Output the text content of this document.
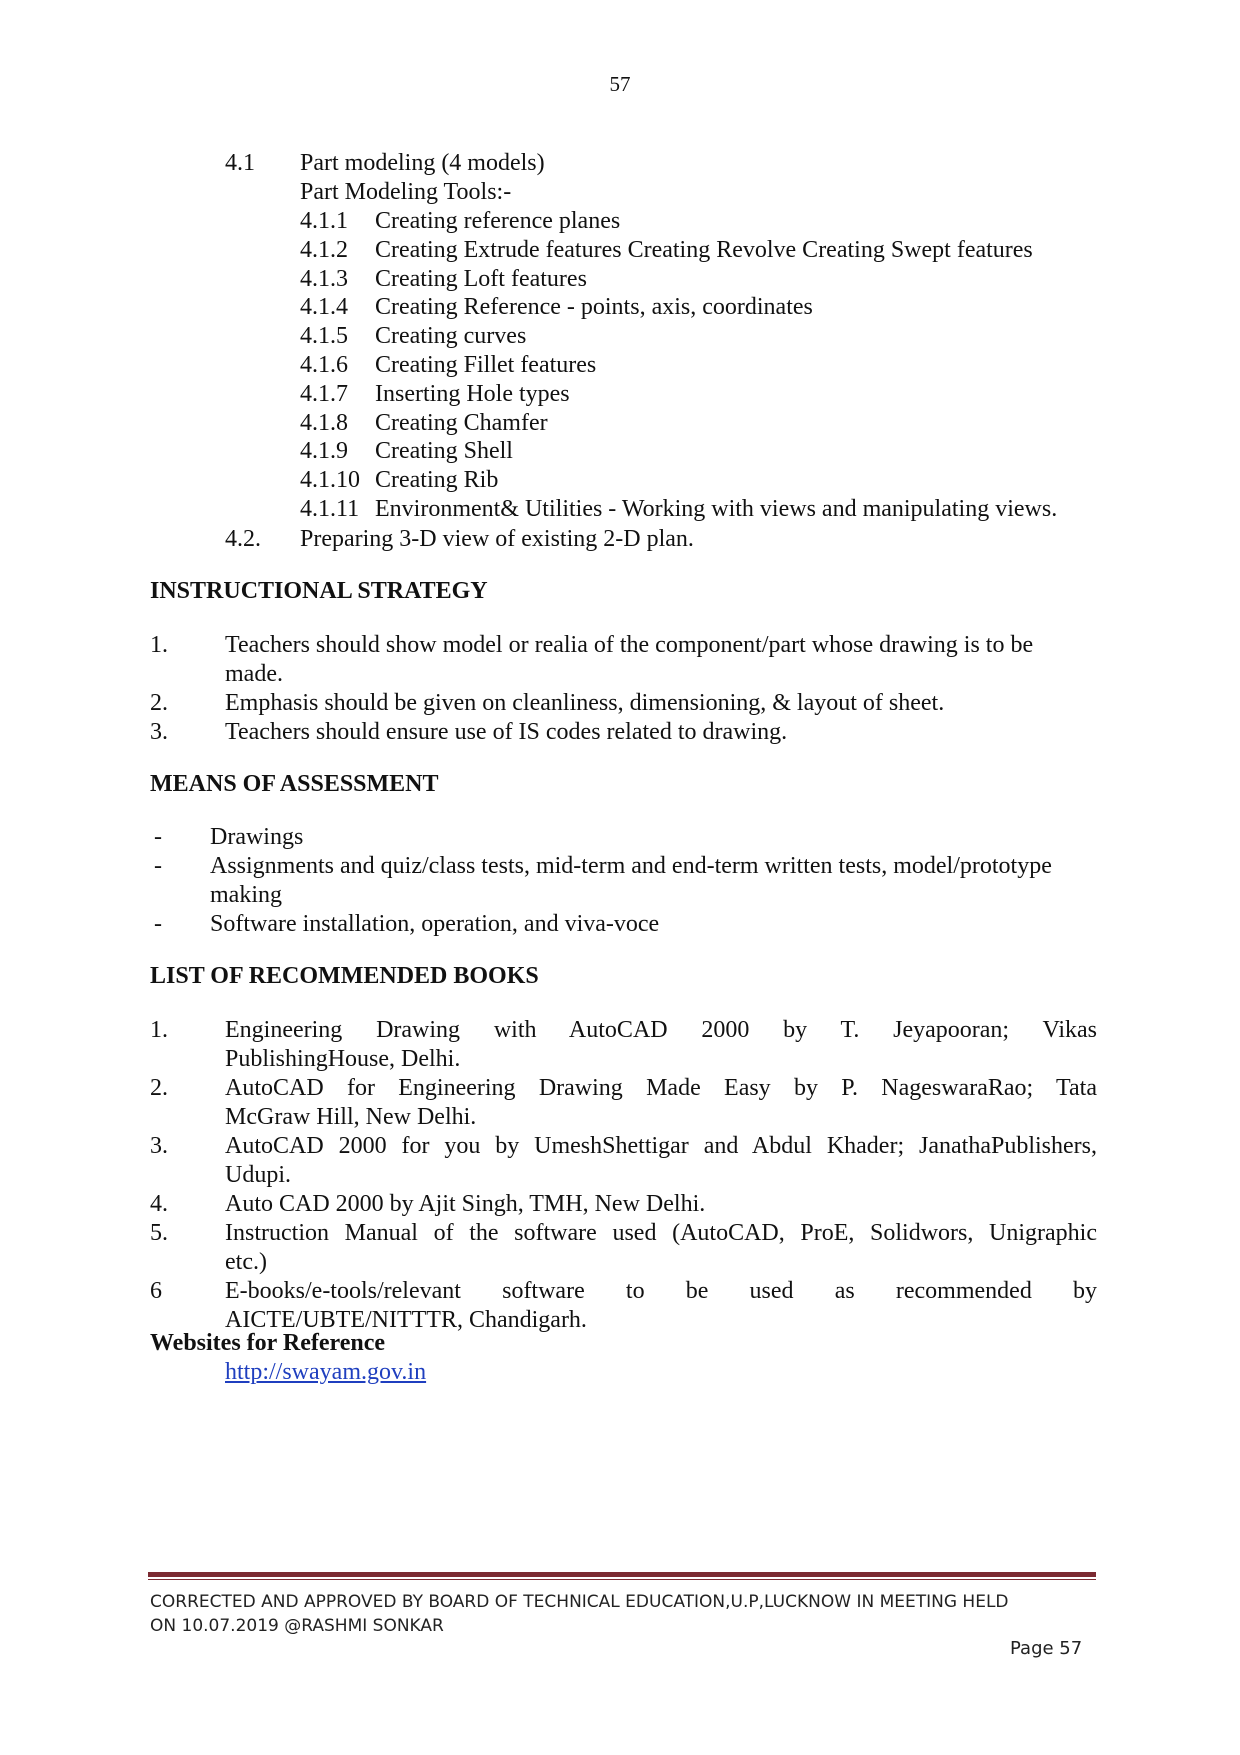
57
4.1 Part modeling (4 models)
Part Modeling Tools:-
4.1.1 Creating reference planes
4.1.2 Creating Extrude features Creating Revolve Creating Swept features
4.1.3 Creating Loft features
4.1.4 Creating Reference - points, axis, coordinates
4.1.5 Creating curves
4.1.6 Creating Fillet features
4.1.7 Inserting Hole types
4.1.8 Creating Chamfer
4.1.9 Creating Shell
4.1.10 Creating Rib
4.1.11 Environment& Utilities - Working with views and manipulating views.
4.2. Preparing 3-D view of existing 2-D plan.
INSTRUCTIONAL STRATEGY
1. Teachers should show model or realia of the component/part whose drawing is to be
made.
2. Emphasis should be given on cleanliness, dimensioning, & layout of sheet.
3. Teachers should ensure use of IS codes related to drawing.
MEANS OF ASSESSMENT
- Drawings
- Assignments and quiz/class tests, mid-term and end-term written tests, model/prototype
making
- Software installation, operation, and viva-voce
LIST OF RECOMMENDED BOOKS
1. Engineering Drawing with AutoCAD 2000 by T. Jeyapooran; Vikas
PublishingHouse, Delhi.
2. AutoCAD for Engineering Drawing Made Easy by P. NageswaraRao; Tata
McGraw Hill, New Delhi.
3. AutoCAD 2000 for you by UmeshShettigar and Abdul Khader; JanathaPublishers,
Udupi.
4. Auto CAD 2000 by Ajit Singh, TMH, New Delhi.
5. Instruction Manual of the software used (AutoCAD, ProE, Solidwors, Unigraphic
etc.)
6	E-books/e-tools/relevant software to be used as recommended by
AICTE/UBTE/NITTTR, Chandigarh.
Websites for Reference
http://swayam.gov.in
CORRECTED AND APPROVED BY BOARD OF TECHNICAL EDUCATION,U.P,LUCKNOW IN MEETING HELD
ON 10.07.2019 @RASHMI SONKAR
Page 57
